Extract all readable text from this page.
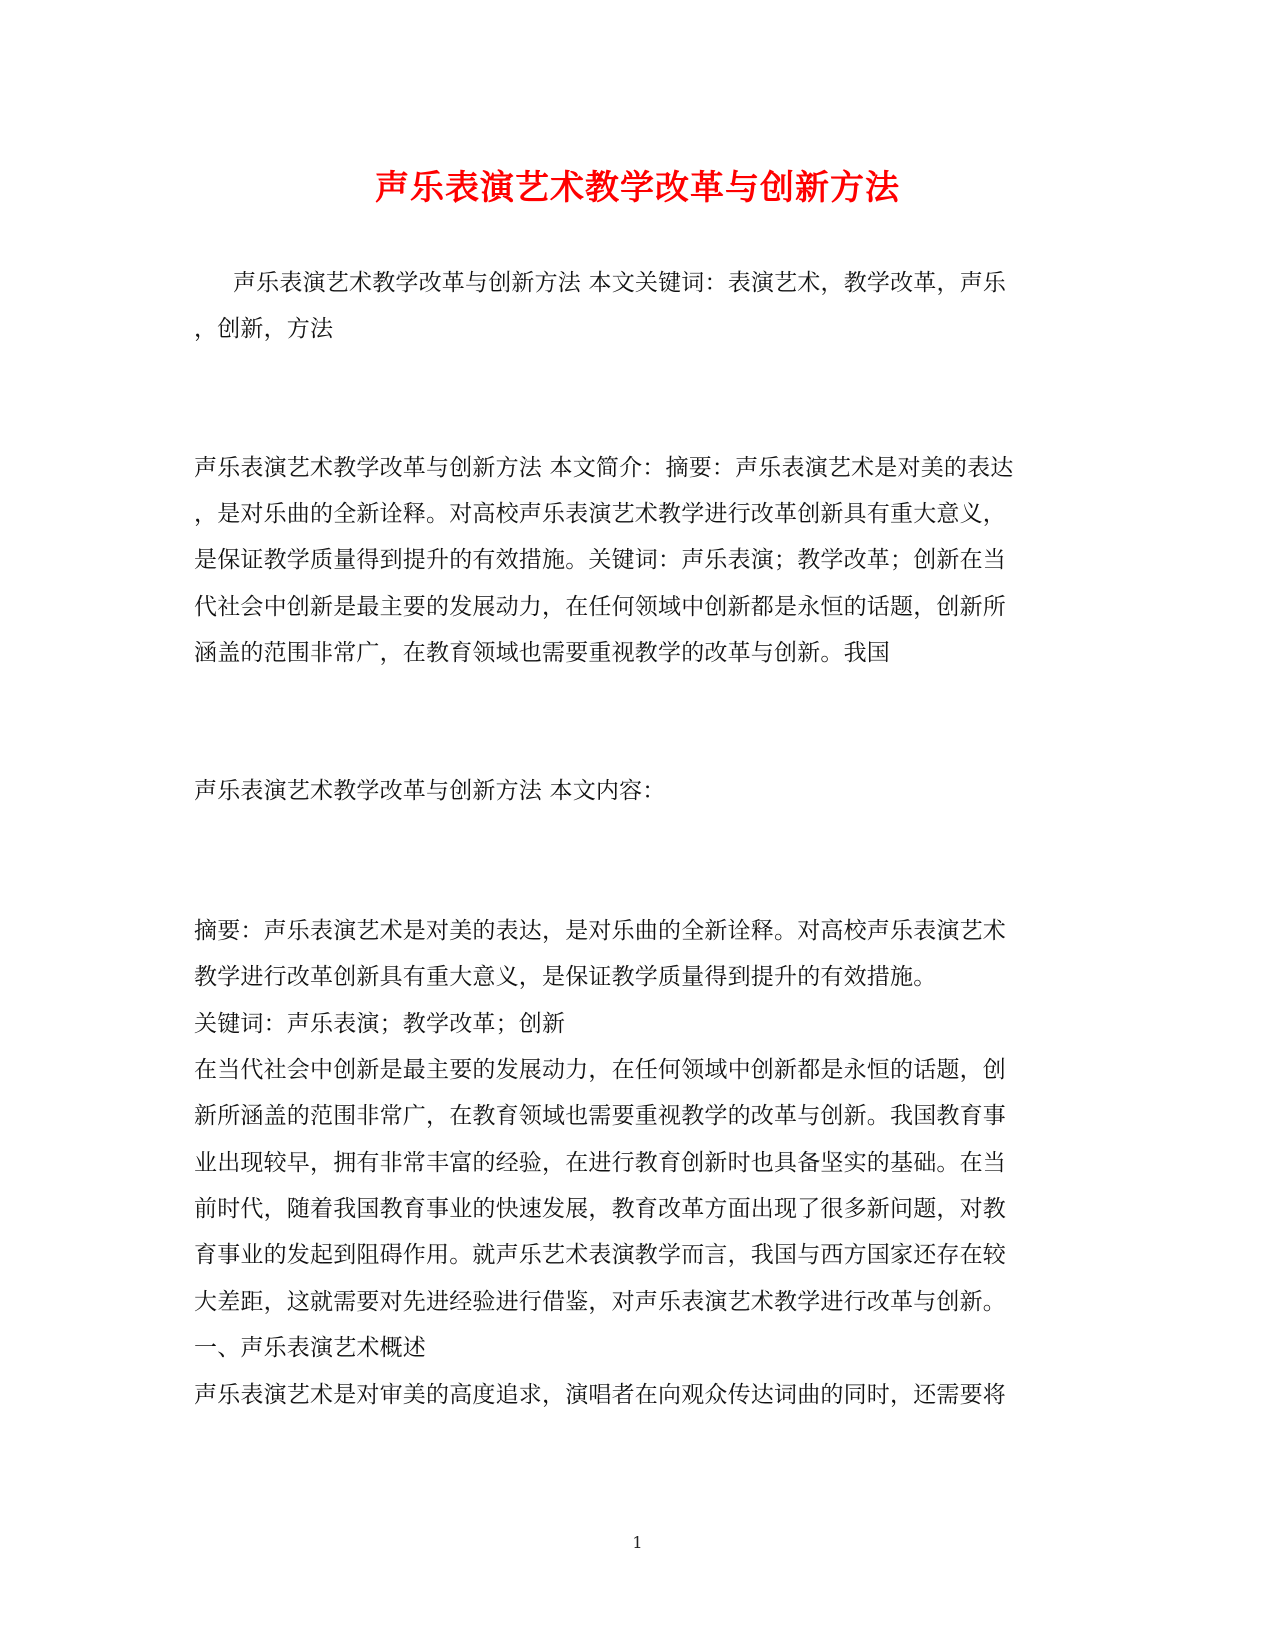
声乐表演艺术教学改革与创新方法
声乐表演艺术教学改革与创新方法 本文关键词：表演艺术，教学改革，声乐
，创新，方法
声乐表演艺术教学改革与创新方法 本文简介：摘要：声乐表演艺术是对美的表达
，是对乐曲的全新诠释。对高校声乐表演艺术教学进行改革创新具有重大意义，
是保证教学质量得到提升的有效措施。关键词：声乐表演；教学改革；创新在当
代社会中创新是最主要的发展动力，在任何领域中创新都是永恒的话题，创新所
涵盖的范围非常广，在教育领域也需要重视教学的改革与创新。我国
声乐表演艺术教学改革与创新方法 本文内容：
摘要：声乐表演艺术是对美的表达，是对乐曲的全新诠释。对高校声乐表演艺术
教学进行改革创新具有重大意义，是保证教学质量得到提升的有效措施。
关键词：声乐表演；教学改革；创新
在当代社会中创新是最主要的发展动力，在任何领域中创新都是永恒的话题，创
新所涵盖的范围非常广，在教育领域也需要重视教学的改革与创新。我国教育事
业出现较早，拥有非常丰富的经验，在进行教育创新时也具备坚实的基础。在当
前时代，随着我国教育事业的快速发展，教育改革方面出现了很多新问题，对教
育事业的发起到阻碍作用。就声乐艺术表演教学而言，我国与西方国家还存在较
大差距，这就需要对先进经验进行借鉴，对声乐表演艺术教学进行改革与创新。
一、声乐表演艺术概述
声乐表演艺术是对审美的高度追求，演唱者在向观众传达词曲的同时，还需要将
1
